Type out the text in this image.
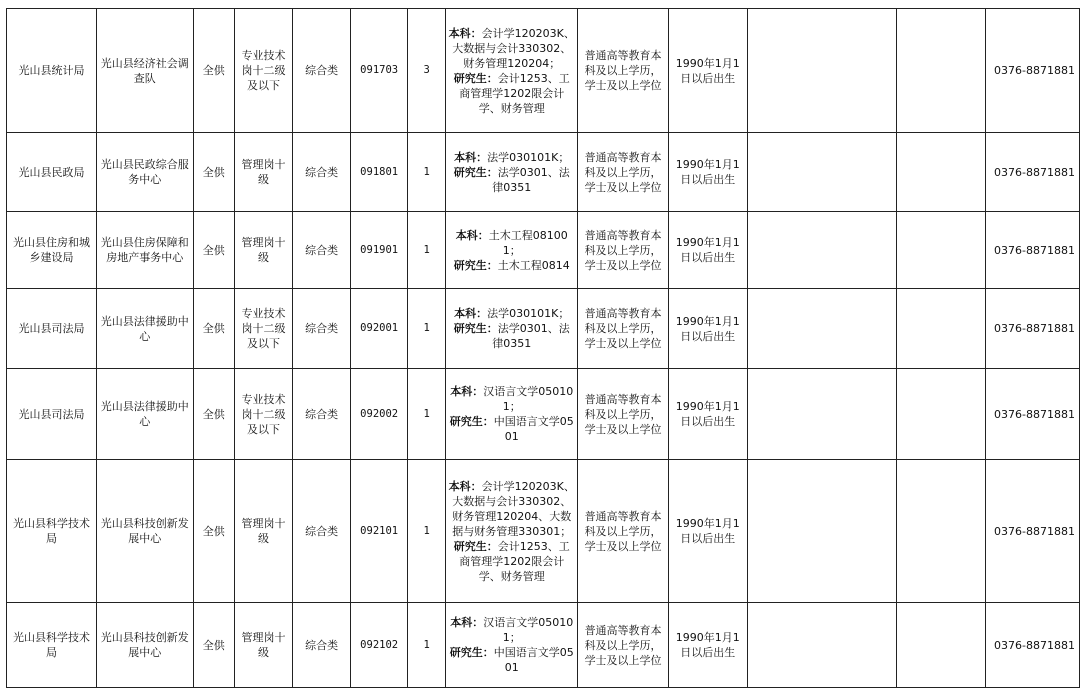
光山县统计局	光山县经济社会调查队	全供	专业技术岗十二级及以下	综合类	091703	3	本科：会计学120203K、大数据与会计330302、财务管理120204；
研究生：会计1253、工商管理学1202限会计学、财务管理	普通高等教育本科及以上学历，学士及以上学位	1990年1月1日以后出生			0376-8871881
光山县民政局	光山县民政综合服务中心	全供	管理岗十级	综合类	091801	1	本科：法学030101K；
研究生：法学0301、法律0351	普通高等教育本科及以上学历，学士及以上学位	1990年1月1日以后出生			0376-8871881
光山县住房和城乡建设局	光山县住房保障和房地产事务中心	全供	管理岗十级	综合类	091901	1	本科：土木工程081001；
研究生：土木工程0814	普通高等教育本科及以上学历，学士及以上学位	1990年1月1日以后出生			0376-8871881
光山县司法局	光山县法律援助中心	全供	专业技术岗十二级及以下	综合类	092001	1	本科：法学030101K；
研究生：法学0301、法律0351	普通高等教育本科及以上学历，学士及以上学位	1990年1月1日以后出生			0376-8871881
光山县司法局	光山县法律援助中心	全供	专业技术岗十二级及以下	综合类	092002	1	本科：汉语言文学050101；
研究生：中国语言文学0501	普通高等教育本科及以上学历，学士及以上学位	1990年1月1日以后出生			0376-8871881
光山县科学技术局	光山县科技创新发展中心	全供	管理岗十级	综合类	092101	1	本科：会计学120203K、大数据与会计330302、财务管理120204、大数据与财务管理330301；
研究生：会计1253、工商管理学1202限会计学、财务管理	普通高等教育本科及以上学历，学士及以上学位	1990年1月1日以后出生			0376-8871881
光山县科学技术局	光山县科技创新发展中心	全供	管理岗十级	综合类	092102	1	本科：汉语言文学050101；
研究生：中国语言文学0501	普通高等教育本科及以上学历，学士及以上学位	1990年1月1日以后出生			0376-8871881
